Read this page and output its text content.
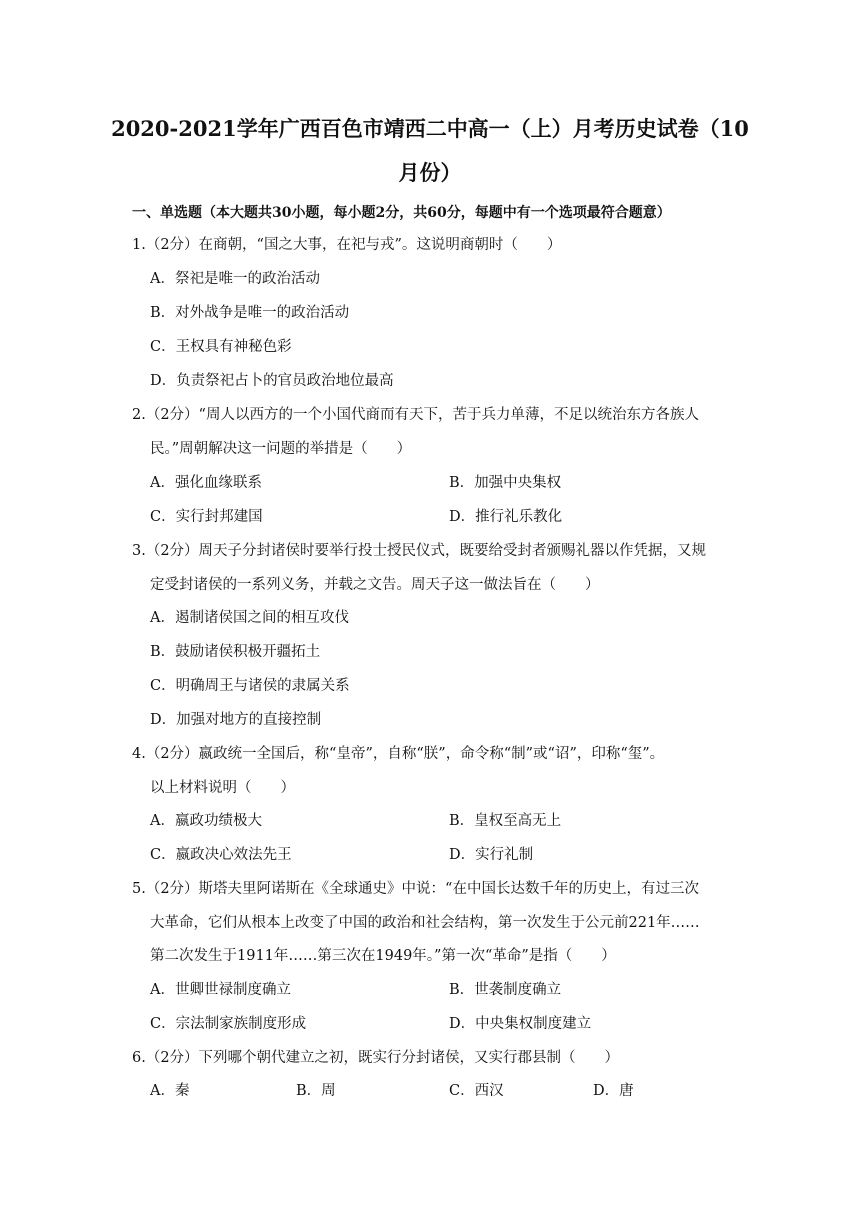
2020-2021学年广西百色市靖西二中高一（上）月考历史试卷（10
月份）
一、单选题（本大题共30小题，每小题2分，共60分，每题中有一个选项最符合题意）
1.（2分）在商朝，“国之大事，在祀与戎”。这说明商朝时（　　）
A．祭祀是唯一的政治活动
B．对外战争是唯一的政治活动
C．王权具有神秘色彩
D．负责祭祀占卜的官员政治地位最高
2.（2分）“周人以西方的一个小国代商而有天下，苦于兵力单薄，不足以统治东方各族人
民。”周朝解决这一问题的举措是（　　）
A．强化血缘联系	B．加强中央集权
C．实行封邦建国	D．推行礼乐教化
3.（2分）周天子分封诸侯时要举行投士授民仪式，既要给受封者颁赐礼器以作凭据，又规
定受封诸侯的一系列义务，并载之文告。周天子这一做法旨在（　　）
A．遏制诸侯国之间的相互攻伐
B．鼓励诸侯积极开疆拓土
C．明确周王与诸侯的隶属关系
D．加强对地方的直接控制
4.（2分）嬴政统一全国后，称“皇帝”，自称“朕”，命令称“制”或“诏”，印称“玺”。
以上材料说明（　　）
A．嬴政功绩极大	B．皇权至高无上
C．嬴政决心效法先王	D．实行礼制
5.（2分）斯塔夫里阿诺斯在《全球通史》中说：“在中国长达数千年的历史上，有过三次
大革命，它们从根本上改变了中国的政治和社会结构，第一次发生于公元前221年……
第二次发生于1911年……第三次在1949年。”第一次“革命”是指（　　）
A．世卿世禄制度确立	B．世袭制度确立
C．宗法制家族制度形成	D．中央集权制度建立
6.（2分）下列哪个朝代建立之初，既实行分封诸侯，又实行郡县制（　　）
A．秦	B．周	C．西汉	D．唐
